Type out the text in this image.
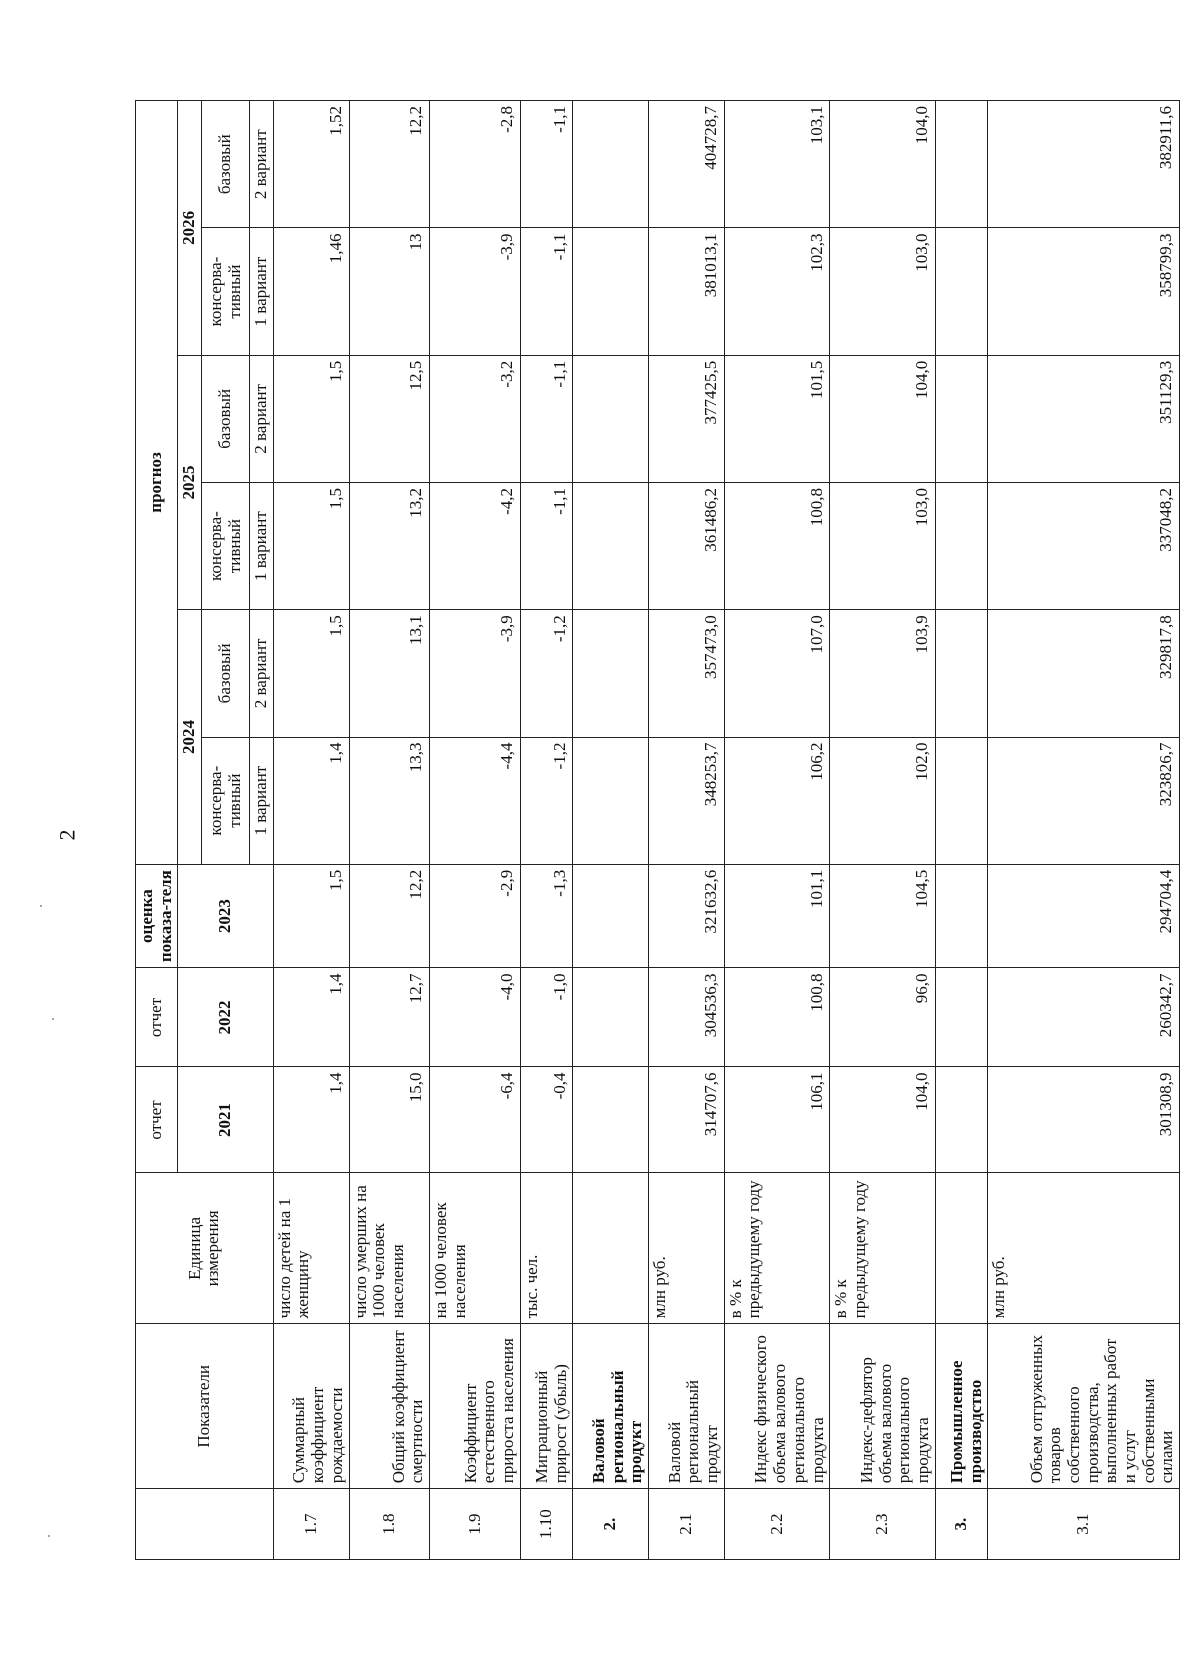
2
	Показатели	Единица измерения	отчет	отчет	оценка показа-теля	прогноз					
			2021	2022	2023	2024		2025		2026	
						консерва-тивный	базовый	консерва-тивный	базовый	консерва-тивный	базовый
						1 вариант	2 вариант	1 вариант	2 вариант	1 вариант	2 вариант
1.7	Суммарный коэффициент рождаемости	число детей на 1 женщину	1,4	1,4	1,5	1,4	1,5	1,5	1,5	1,46	1,52
1.8	Общий коэффициент смертности	число умерших на 1000 человек населения	15,0	12,7	12,2	13,3	13,1	13,2	12,5	13	12,2
1.9	Коэффициент естественного прироста населения	на 1000 человек населения	-6,4	-4,0	-2,9	-4,4	-3,9	-4,2	-3,2	-3,9	-2,8
1.10	Миграционный прирост (убыль)	тыс. чел.	-0,4	-1,0	-1,3	-1,2	-1,2	-1,1	-1,1	-1,1	-1,1
2.	Валовой региональный продукт										
2.1	Валовой региональный продукт	млн руб.	314707,6	304536,3	321632,6	348253,7	357473,0	361486,2	377425,5	381013,1	404728,7
2.2	Индекс физического объема валового регионального продукта	в % к предыдущему году	106,1	100,8	101,1	106,2	107,0	100,8	101,5	102,3	103,1
2.3	Индекс-дефлятор объема валового регионального продукта	в % к предыдущему году	104,0	96,0	104,5	102,0	103,9	103,0	104,0	103,0	104,0
3.	Промышленное производство										
3.1	Объем отгруженных товаров собственного производства, выполненных работ и услуг собственными силами	млн руб.	301308,9	260342,7	294704,4	323826,7	329817,8	337048,2	351129,3	358799,3	382911,6
